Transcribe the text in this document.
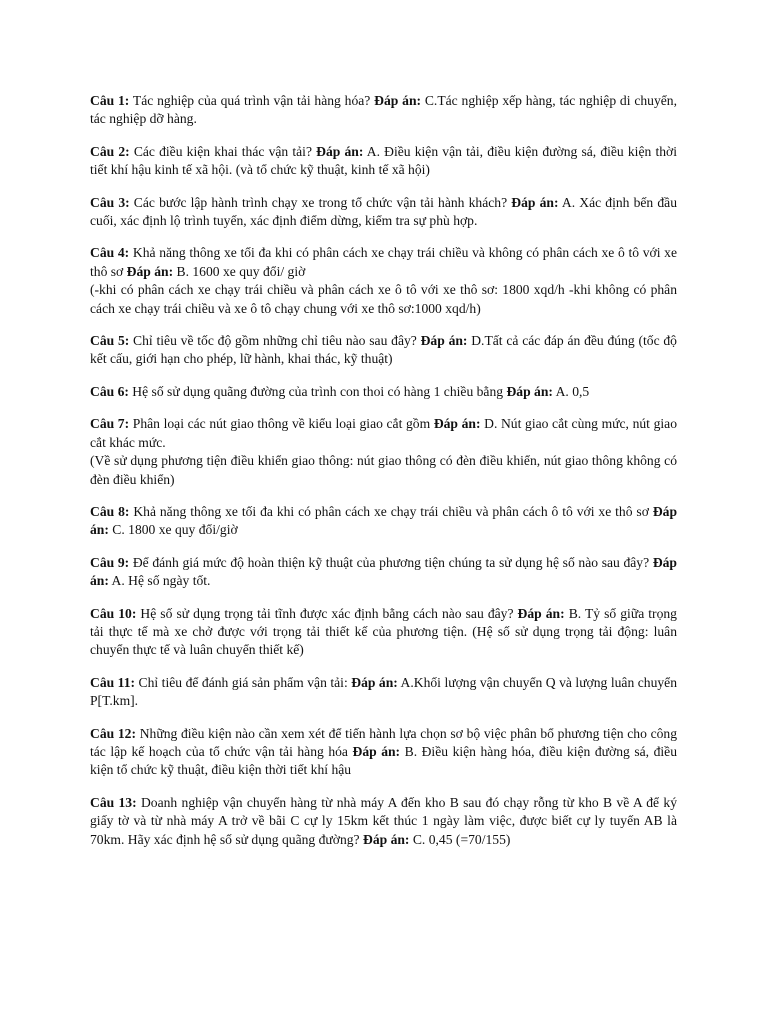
Câu 1: Tác nghiệp của quá trình vận tải hàng hóa? Đáp án: C.Tác nghiệp xếp hàng, tác nghiệp di chuyển, tác nghiệp dỡ hàng.

Câu 2: Các điều kiện khai thác vận tải? Đáp án: A. Điều kiện vận tải, điều kiện đường sá, điều kiện thời tiết khí hậu kinh tế xã hội. (và tổ chức kỹ thuật, kinh tế xã hội)

Câu 3: Các bước lập hành trình chạy xe trong tổ chức vận tải hành khách? Đáp án: A. Xác định bến đầu cuối, xác định lộ trình tuyến, xác định điểm dừng, kiểm tra sự phù hợp.

Câu 4: Khả năng thông xe tối đa khi có phân cách xe chạy trái chiều và không có phân cách xe ô tô với xe thô sơ Đáp án: B. 1600 xe quy đổi/ giờ

(-khi có phân cách xe chạy trái chiều và phân cách xe ô tô với xe thô sơ: 1800 xqd/h -khi không có phân cách xe chạy trái chiều và xe ô tô chạy chung với xe thô sơ:1000 xqd/h)

Câu 5: Chỉ tiêu về tốc độ gồm những chỉ tiêu nào sau đây? Đáp án: D.Tất cả các đáp án đều đúng (tốc độ kết cấu, giới hạn cho phép, lữ hành, khai thác, kỹ thuật)

Câu 6: Hệ số sử dụng quãng đường của trình con thoi có hàng 1 chiều bằng Đáp án: A. 0,5

Câu 7: Phân loại các nút giao thông về kiểu loại giao cắt gồm Đáp án: D. Nút giao cắt cùng mức, nút giao cắt khác mức.

(Về sử dụng phương tiện điều khiển giao thông: nút giao thông có đèn điều khiển, nút giao thông không có đèn điều khiển)

Câu 8: Khả năng thông xe tối đa khi có phân cách xe chạy trái chiều và phân cách ô tô với xe thô sơ Đáp án: C. 1800 xe quy đổi/giờ

Câu 9: Để đánh giá mức độ hoàn thiện kỹ thuật của phương tiện chúng ta sử dụng hệ số nào sau đây? Đáp án: A. Hệ số ngày tốt.

Câu 10: Hệ số sử dụng trọng tải tĩnh được xác định bằng cách nào sau đây? Đáp án: B. Tỷ số giữa trọng tải thực tế mà xe chở được với trọng tải thiết kế của phương tiện. (Hệ số sử dụng trọng tải động: luân chuyển thực tế và luân chuyển thiết kế)

Câu 11: Chỉ tiêu để đánh giá sản phẩm vận tải: Đáp án: A.Khối lượng vận chuyển Q và lượng luân chuyển P[T.km].

Câu 12: Những điều kiện nào cần xem xét để tiến hành lựa chọn sơ bộ việc phân bổ phương tiện cho công tác lập kế hoạch của tổ chức vận tải hàng hóa Đáp án: B. Điều kiện hàng hóa, điều kiện đường sá, điều kiện tổ chức kỹ thuật, điều kiện thời tiết khí hậu

Câu 13: Doanh nghiệp vận chuyển hàng từ nhà máy A đến kho B sau đó chạy rỗng từ kho B về A để ký giấy tờ và từ nhà máy A trở về bãi C cự ly 15km kết thúc 1 ngày làm việc, được biết cự ly tuyến AB là 70km. Hãy xác định hệ số sử dụng quãng đường? Đáp án: C. 0,45 (=70/155)
